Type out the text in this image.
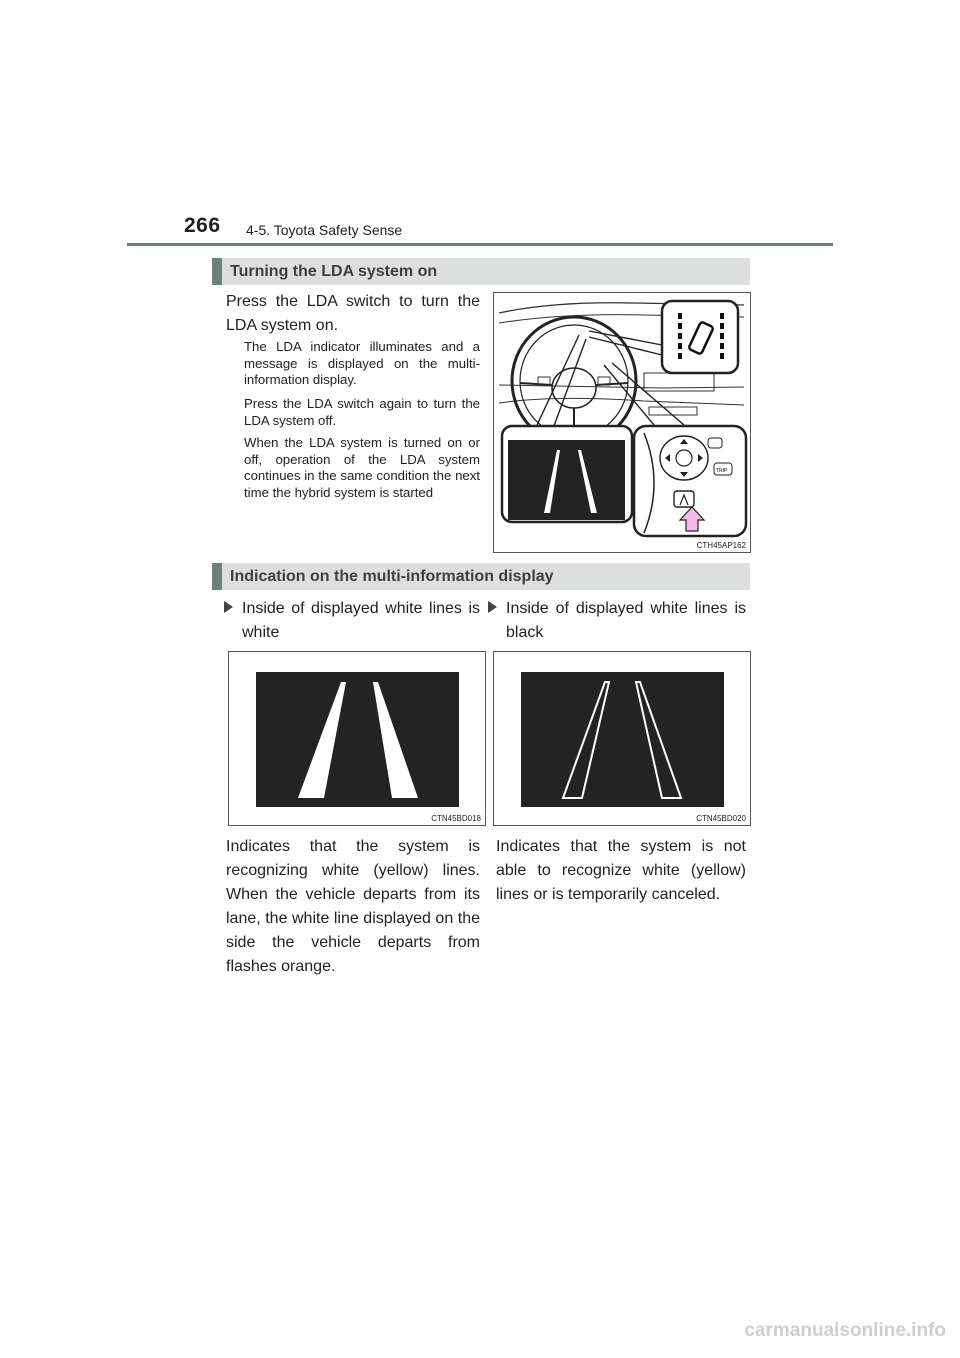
266 4-5. Toyota Safety Sense
Turning the LDA system on
Press the LDA switch to turn the LDA system on.
The LDA indicator illuminates and a message is displayed on the multi-information display.
Press the LDA switch again to turn the LDA system off.
When the LDA system is turned on or off, operation of the LDA system continues in the same condition the next time the hybrid system is started
TRIP
CTH45AP162
Indication on the multi-information display
Inside of displayed white lines is white
Inside of displayed white lines is black
CTN45BD018	CTN45BD020
Indicates that the system is recognizing white (yellow) lines. When the vehicle departs from its lane, the white line displayed on the side the vehicle departs from flashes orange.
Indicates that the system is not able to recognize white (yellow) lines or is temporarily canceled.
carmanualsonline.info
